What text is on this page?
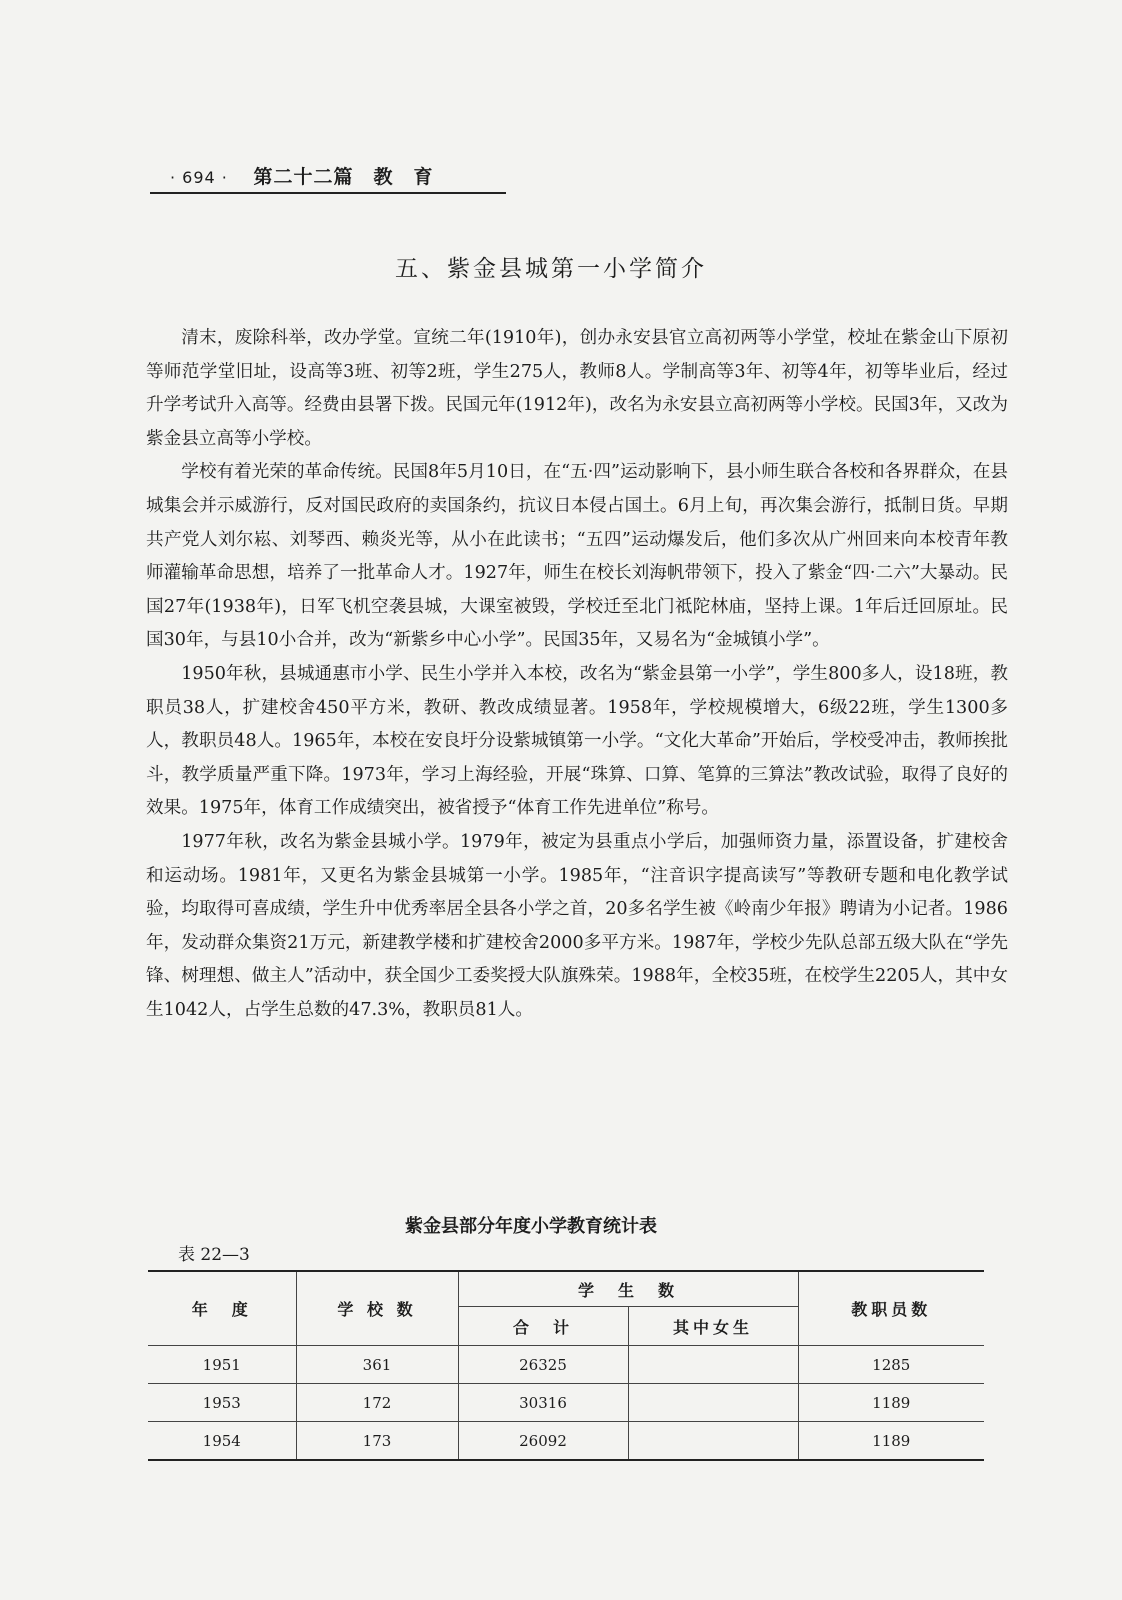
· 694 · 第二十二篇　教　育
五、紫金县城第一小学简介

清末，废除科举，改办学堂。宣统二年(1910年)，创办永安县官立高初两等小学堂，校址在紫金山下原初等师范学堂旧址，设高等3班、初等2班，学生275人，教师8人。学制高等3年、初等4年，初等毕业后，经过升学考试升入高等。经费由县署下拨。民国元年(1912年)，改名为永安县立高初两等小学校。民国3年，又改为紫金县立高等小学校。

学校有着光荣的革命传统。民国8年5月10日，在“五·四”运动影响下，县小师生联合各校和各界群众，在县城集会并示威游行，反对国民政府的卖国条约，抗议日本侵占国土。6月上旬，再次集会游行，抵制日货。早期共产党人刘尔崧、刘琴西、赖炎光等，从小在此读书；“五四”运动爆发后，他们多次从广州回来向本校青年教师灌输革命思想，培养了一批革命人才。1927年，师生在校长刘海帆带领下，投入了紫金“四·二六”大暴动。民国27年(1938年)，日军飞机空袭县城，大课室被毁，学校迁至北门祗陀林庙，坚持上课。1年后迁回原址。民国30年，与县10小合并，改为“新紫乡中心小学”。民国35年，又易名为“金城镇小学”。

1950年秋，县城通惠市小学、民生小学并入本校，改名为“紫金县第一小学”，学生800多人，设18班，教职员38人，扩建校舍450平方米，教研、教改成绩显著。1958年，学校规模增大，6级22班，学生1300多人，教职员48人。1965年，本校在安良圩分设紫城镇第一小学。“文化大革命”开始后，学校受冲击，教师挨批斗，教学质量严重下降。1973年，学习上海经验，开展“珠算、口算、笔算的三算法”教改试验，取得了良好的效果。1975年，体育工作成绩突出，被省授予“体育工作先进单位”称号。

1977年秋，改名为紫金县城小学。1979年，被定为县重点小学后，加强师资力量，添置设备，扩建校舍和运动场。1981年，又更名为紫金县城第一小学。1985年，“注音识字提高读写”等教研专题和电化教学试验，均取得可喜成绩，学生升中优秀率居全县各小学之首，20多名学生被《岭南少年报》聘请为小记者。1986年，发动群众集资21万元，新建教学楼和扩建校舍2000多平方米。1987年，学校少先队总部五级大队在“学先锋、树理想、做主人”活动中，获全国少工委奖授大队旗殊荣。1988年，全校35班，在校学生2205人，其中女生1042人，占学生总数的47.3%，教职员81人。

紫金县部分年度小学教育统计表
表 22—3
年　度	学 校 数	学　生　数		教职员数
		合　计	其中女生	
1951	361	26325		1285
1953	172	30316		1189
1954	173	26092		1189
